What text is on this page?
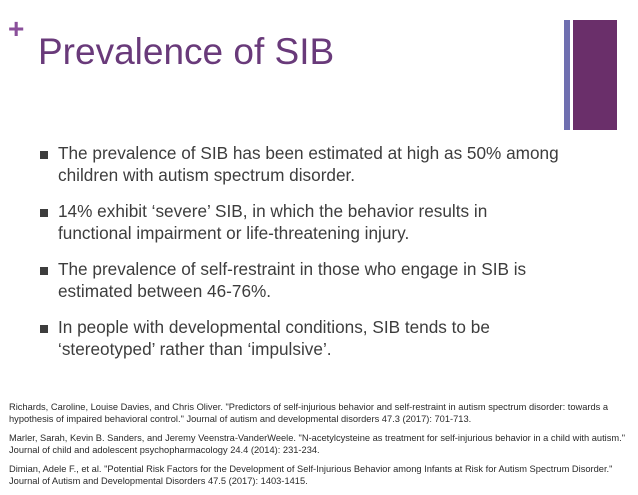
+
Prevalence of SIB
The prevalence of SIB has been estimated at high as 50% among children with autism spectrum disorder.
14% exhibit ‘severe’ SIB, in which the behavior results in functional impairment or life-threatening injury.
The prevalence of self-restraint in those who engage in SIB is estimated between 46-76%.
In people with developmental conditions, SIB tends to be ‘stereotyped’ rather than ‘impulsive’.
Richards, Caroline, Louise Davies, and Chris Oliver. "Predictors of self-injurious behavior and self-restraint in autism spectrum disorder: towards a hypothesis of impaired behavioral control." Journal of autism and developmental disorders 47.3 (2017): 701-713.
Marler, Sarah, Kevin B. Sanders, and Jeremy Veenstra-VanderWeele. "N-acetylcysteine as treatment for self-injurious behavior in a child with autism." Journal of child and adolescent psychopharmacology 24.4 (2014): 231-234.
Dimian, Adele F., et al. "Potential Risk Factors for the Development of Self-Injurious Behavior among Infants at Risk for Autism Spectrum Disorder." Journal of Autism and Developmental Disorders 47.5 (2017): 1403-1415.
